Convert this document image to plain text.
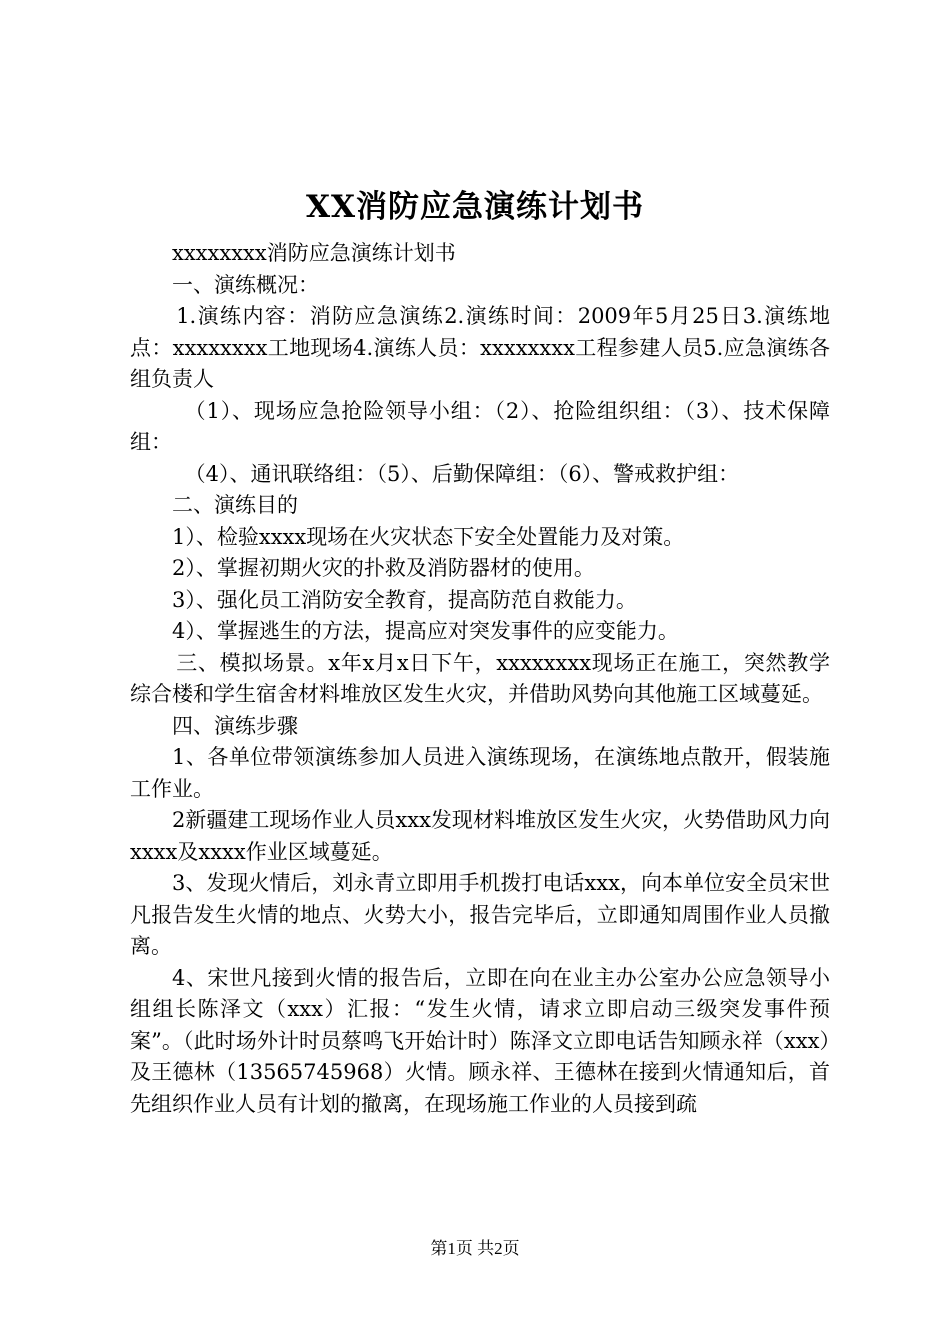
XX消防应急演练计划书

xxxxxxxx消防应急演练计划书

一、演练概况：

1.演练内容：消防应急演练2.演练时间：2009年5月25日3.演练地点：xxxxxxxx工地现场4.演练人员：xxxxxxxx工程参建人员5.应急演练各组负责人

（1）、现场应急抢险领导小组：（2）、抢险组织组：（3）、技术保障组：

（4）、通讯联络组：（5）、后勤保障组：（6）、警戒救护组：

二、演练目的

1）、检验xxxx现场在火灾状态下安全处置能力及对策。

2）、掌握初期火灾的扑救及消防器材的使用。

3）、强化员工消防安全教育，提高防范自救能力。

4）、掌握逃生的方法，提高应对突发事件的应变能力。

三、模拟场景。x年x月x日下午，xxxxxxxx现场正在施工，突然教学综合楼和学生宿舍材料堆放区发生火灾，并借助风势向其他施工区域蔓延。

四、演练步骤

1、各单位带领演练参加人员进入演练现场，在演练地点散开，假装施工作业。

2新疆建工现场作业人员xxx发现材料堆放区发生火灾，火势借助风力向xxxx及xxxx作业区域蔓延。

3、发现火情后，刘永青立即用手机拨打电话xxx，向本单位安全员宋世凡报告发生火情的地点、火势大小，报告完毕后，立即通知周围作业人员撤离。

4、宋世凡接到火情的报告后，立即在向在业主办公室办公应急领导小组组长陈泽文（xxx）汇报：“发生火情，请求立即启动三级突发事件预案”。（此时场外计时员蔡鸣飞开始计时）陈泽文立即电话告知顾永祥（xxx）及王德林（13565745968）火情。顾永祥、王德林在接到火情通知后，首先组织作业人员有计划的撤离，在现场施工作业的人员接到疏

第1页 共2页
